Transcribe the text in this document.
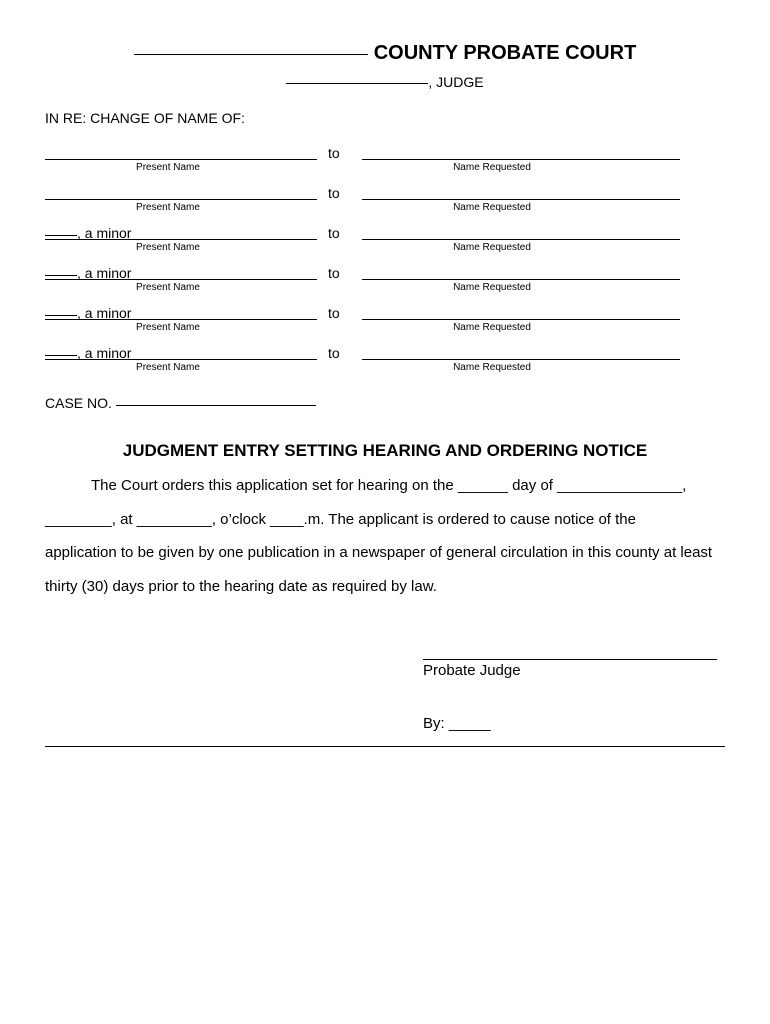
COUNTY PROBATE COURT
, JUDGE
IN RE: CHANGE OF NAME OF:
to
Present Name	Name Requested
to
Present Name	Name Requested
, a minor	to
Present Name	Name Requested
, a minor	to
Present Name	Name Requested
, a minor	to
Present Name	Name Requested
, a minor	to
Present Name	Name Requested
CASE NO.
JUDGMENT ENTRY SETTING HEARING AND ORDERING NOTICE
The Court orders this application set for hearing on the ______ day of _______________,
________, at _________, o’clock ____.m. The applicant is ordered to cause notice of the
application to be given by one publication in a newspaper of general circulation in this county at least
thirty (30) days prior to the hearing date as required by law.
Probate Judge
By: _____
